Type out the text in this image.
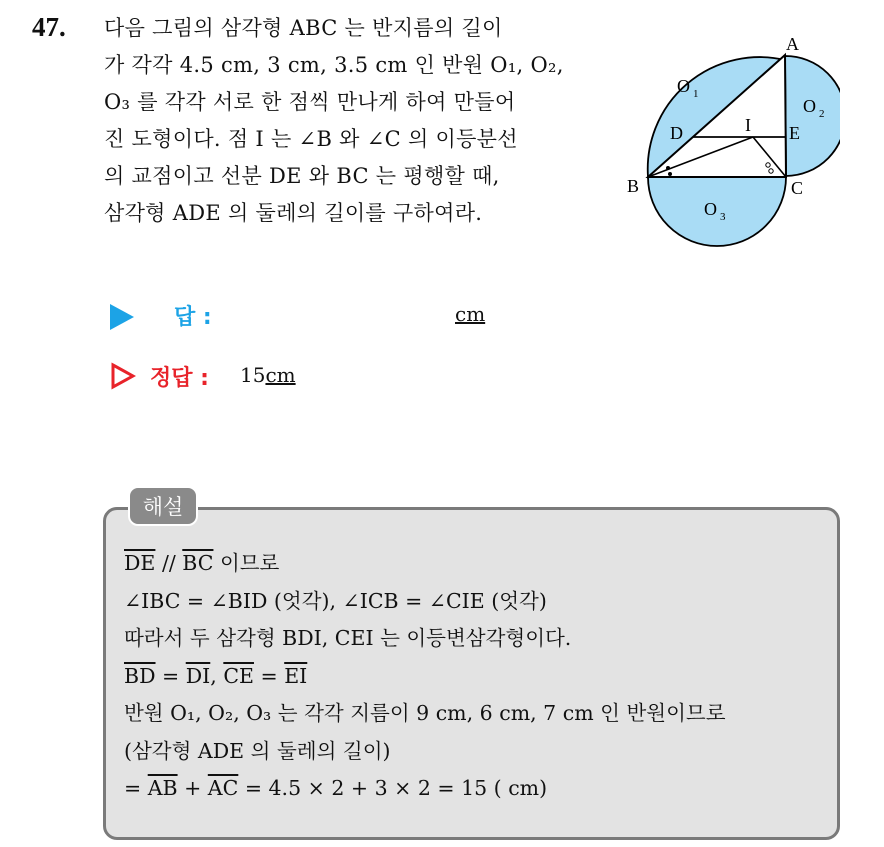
47. 다음 그림의 삼각형 ABC 는 반지름의 길이
가 각각 4.5 cm, 3 cm, 3.5 cm 인 반원 O₁, O₂,
O₃ 를 각각 서로 한 점씩 만나게 하여 만들어
진 도형이다. 점 I 는 ∠B 와 ∠C 의 이등분선
의 교점이고 선분 DE 와 BC 는 평행할 때,
삼각형 ADE 의 둘레의 길이를 구하여라.
A
B	C
D	E
I
O 1
O 2
O 3
답 :	cm
정답 : 15cm
해설
$\overline{DE} // \overline{BC}$ 이므로
∠IBC = ∠BID (엇각), ∠ICB = ∠CIE (엇각)
따라서 두 삼각형 BDI, CEI 는 이등변삼각형이다.
$\overline{BD} = \overline{DI}$, $\overline{CE} = \overline{EI}$
반원 O₁, O₂, O₃ 는 각각 지름이 9 cm, 6 cm, 7 cm 인 반원이므로
(삼각형 ADE 의 둘레의 길이)
= $\overline{AB} + \overline{AC} = 4.5 \times 2 + 3 \times 2 = 15$ ( cm)
